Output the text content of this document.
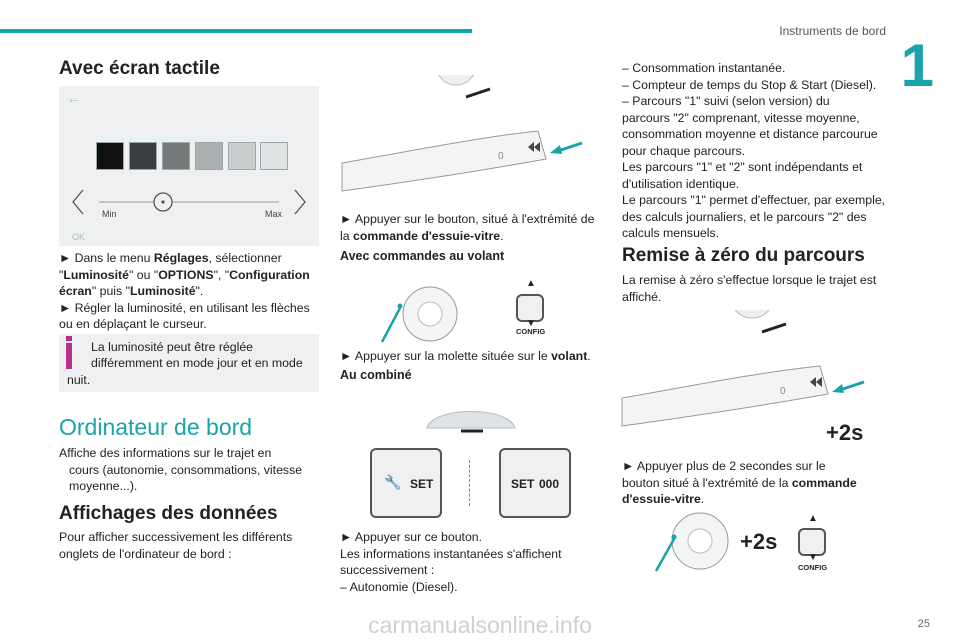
Instruments de bord
1
Avec écran tactile
←
Min	Max
OK
► Dans le menu Réglages, sélectionner
"Luminosité" ou "OPTIONS", "Configuration
écran" puis "Luminosité".
► Régler la luminosité, en utilisant les flèches
ou en déplaçant le curseur.
La luminosité peut être réglée
différemment en mode jour et en mode
nuit.
Ordinateur de bord
Affiche des informations sur le trajet en
cours (autonomie, consommations, vitesse
moyenne...).
Affichages des données
Pour afficher successivement les différents
onglets de l'ordinateur de bord :
0
► Appuyer sur le bouton, situé à l'extrémité de
la commande d'essuie-vitre.
Avec commandes au volant
▲
▼
CONFIG
► Appuyer sur la molette située sur le volant.
Au combiné
🔧 SET	SET 000
► Appuyer sur ce bouton.
Les informations instantanées s'affichent
successivement :
– Autonomie (Diesel).
– Consommation instantanée.
– Compteur de temps du Stop & Start (Diesel).
– Parcours "1" suivi (selon version) du
parcours "2" comprenant, vitesse moyenne,
consommation moyenne et distance parcourue
pour chaque parcours.
Les parcours "1" et "2" sont indépendants et
d'utilisation identique.
Le parcours "1" permet d'effectuer, par exemple,
des calculs journaliers, et le parcours "2" des
calculs mensuels.
Remise à zéro du parcours
La remise à zéro s'effectue lorsque le trajet est
affiché.
0
+2s
► Appuyer plus de 2 secondes sur le
bouton situé à l'extrémité de la commande
d'essuie-vitre.
+2s
▲
▼
CONFIG
carmanualsonline.info	25
